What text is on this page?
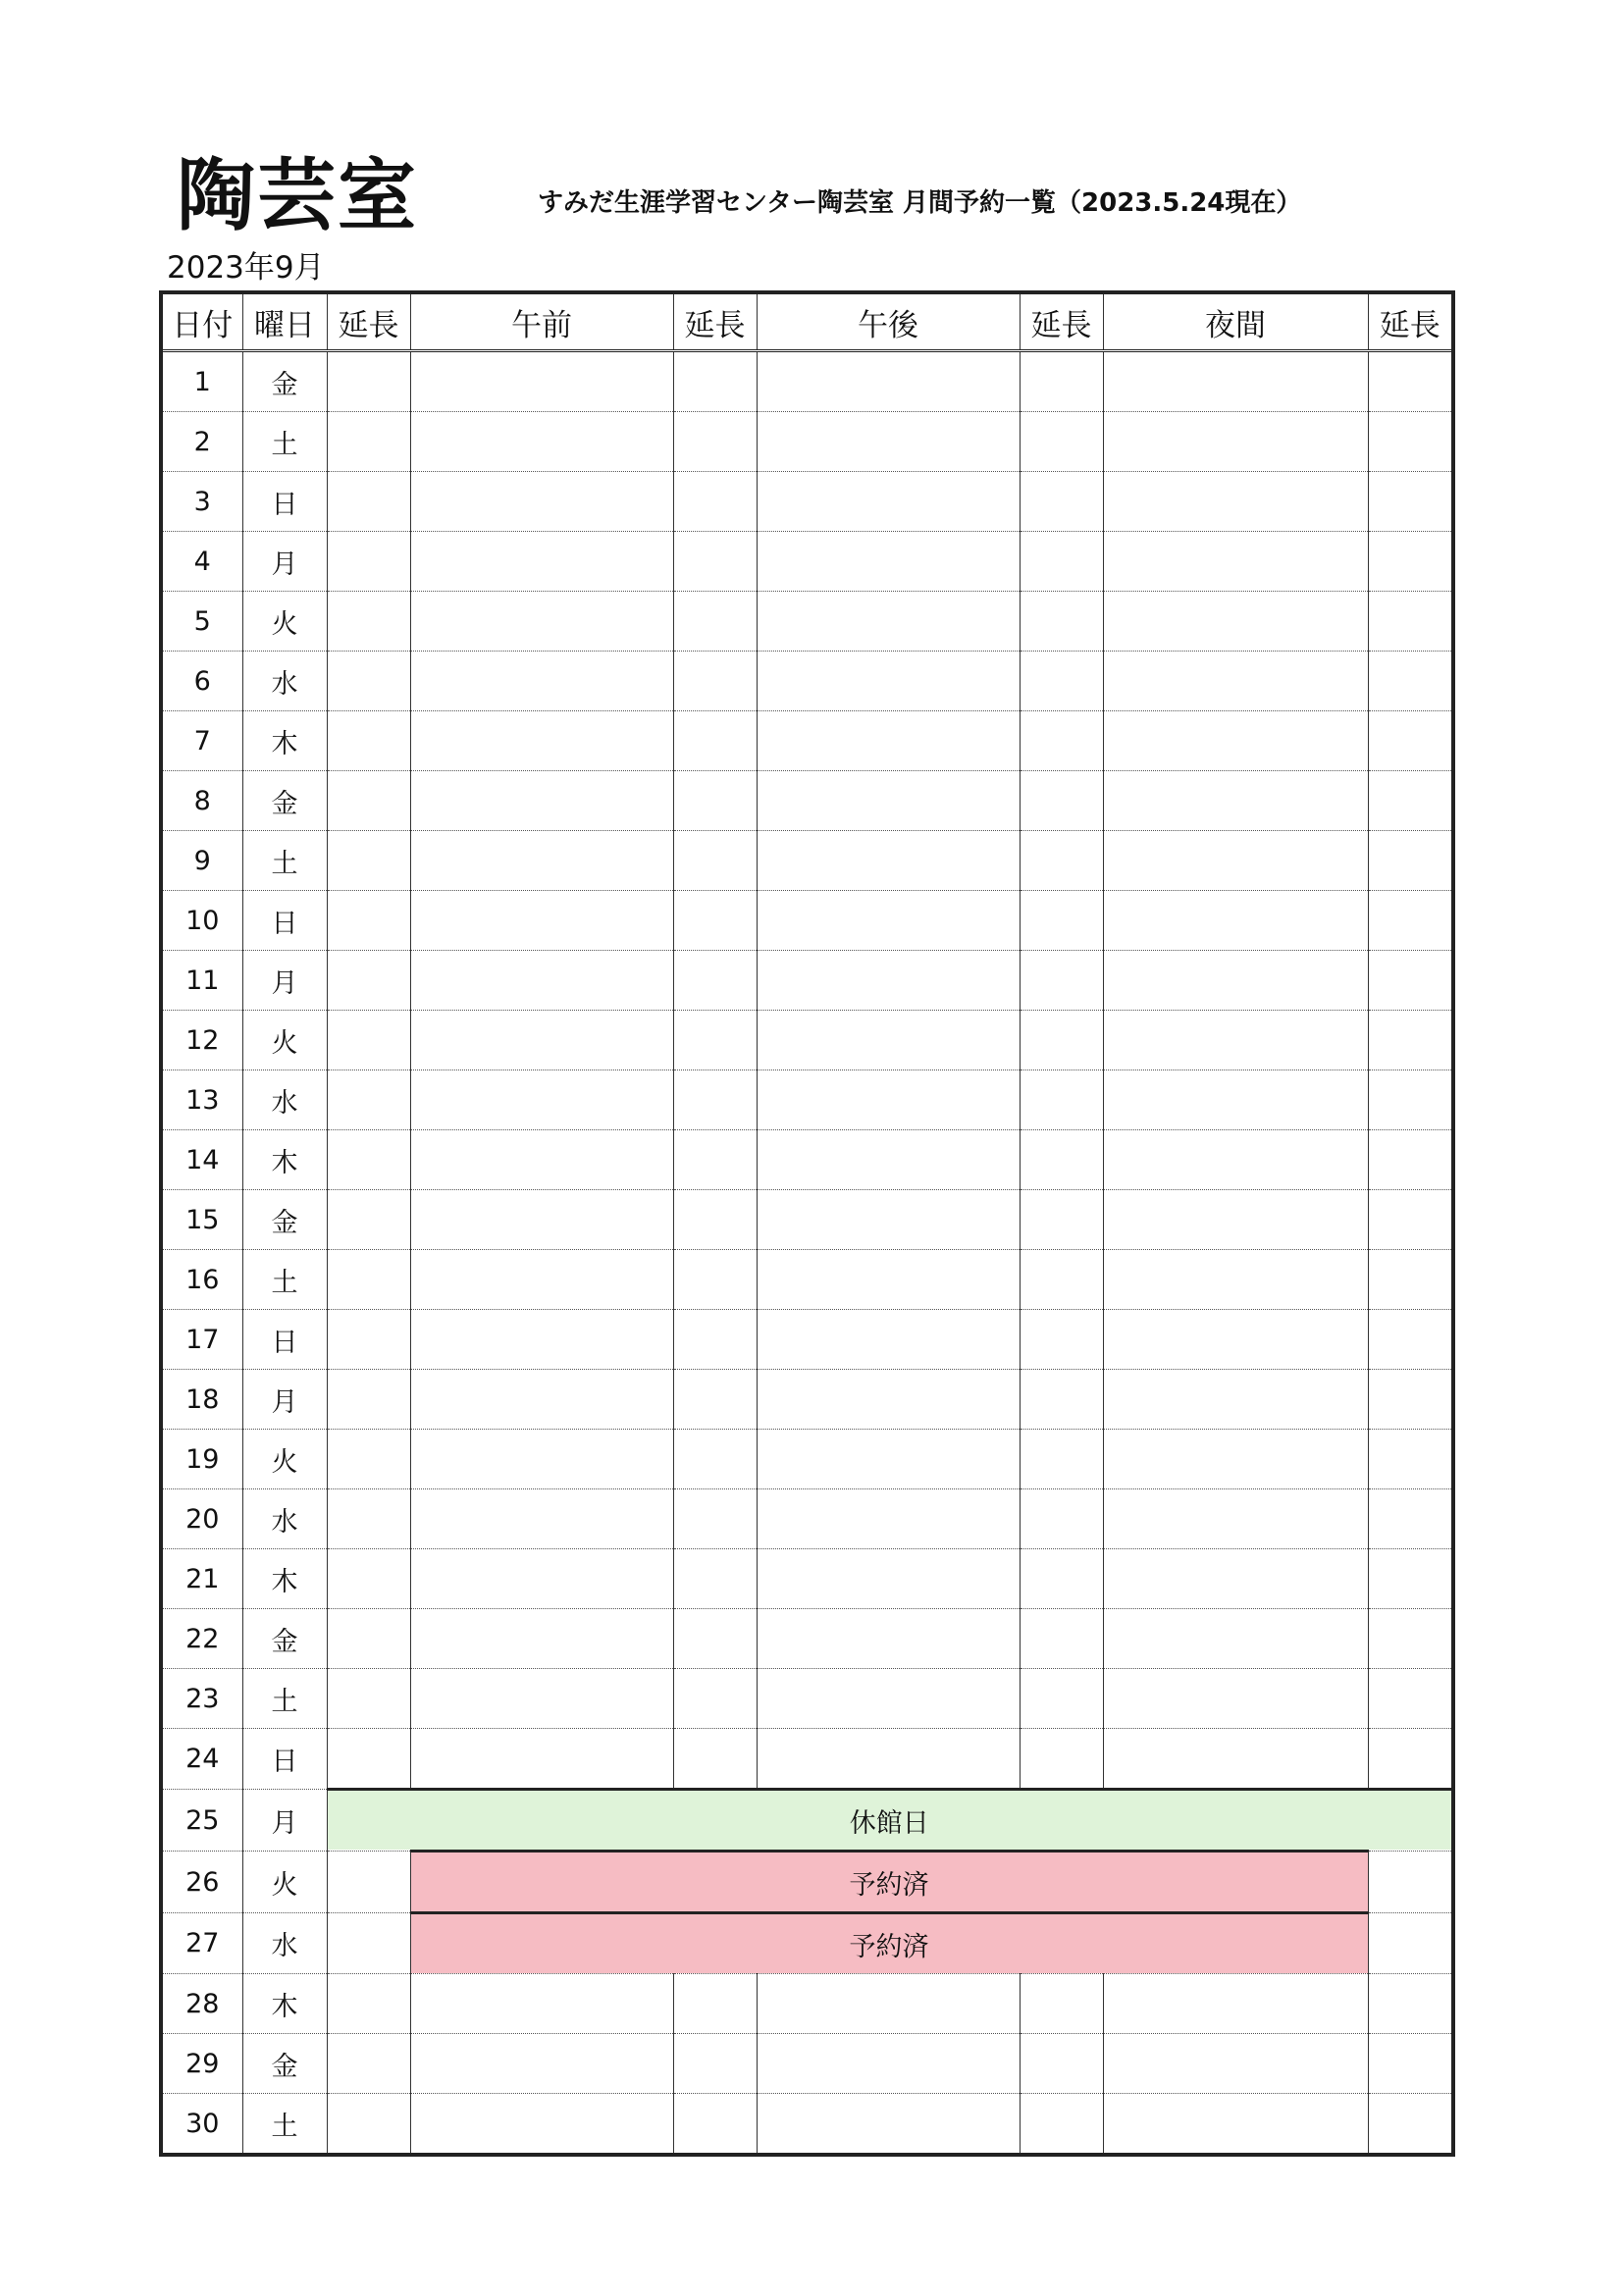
陶芸室	すみだ生涯学習センター陶芸室 月間予約一覧（2023.5.24現在）
2023年9月
日付	曜日	延長	午前	延長	午後	延長	夜間	延長
1	金							
2	土							
3	日							
4	月							
5	火							
6	水							
7	木							
8	金							
9	土							
10	日							
11	月							
12	火							
13	水							
14	木							
15	金							
16	土							
17	日							
18	月							
19	火							
20	水							
21	木							
22	金							
23	土							
24	日							
25	月	休館日						
26	火		予約済					
27	水		予約済					
28	木							
29	金							
30	土							
